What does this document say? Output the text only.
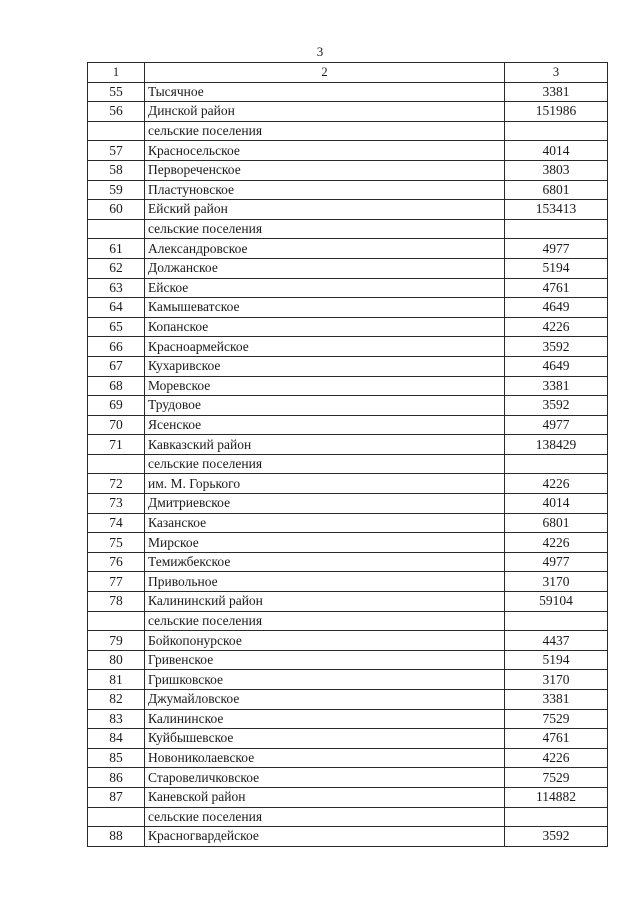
3
1	2	3
55	Тысячное	3381
56	Динской район	151986
	сельские поселения	
57	Красносельское	4014
58	Первореченское	3803
59	Пластуновское	6801
60	Ейский район	153413
	сельские поселения	
61	Александровское	4977
62	Должанское	5194
63	Ейское	4761
64	Камышеватское	4649
65	Копанское	4226
66	Красноармейское	3592
67	Кухаривское	4649
68	Моревское	3381
69	Трудовое	3592
70	Ясенское	4977
71	Кавказский район	138429
	сельские поселения	
72	им. М. Горького	4226
73	Дмитриевское	4014
74	Казанское	6801
75	Мирское	4226
76	Темижбекское	4977
77	Привольное	3170
78	Калининский район	59104
	сельские поселения	
79	Бойкопонурское	4437
80	Гривенское	5194
81	Гришковское	3170
82	Джумайловское	3381
83	Калининское	7529
84	Куйбышевское	4761
85	Новониколаевское	4226
86	Старовеличковское	7529
87	Каневской район	114882
	сельские поселения	
88	Красногвардейское	3592
